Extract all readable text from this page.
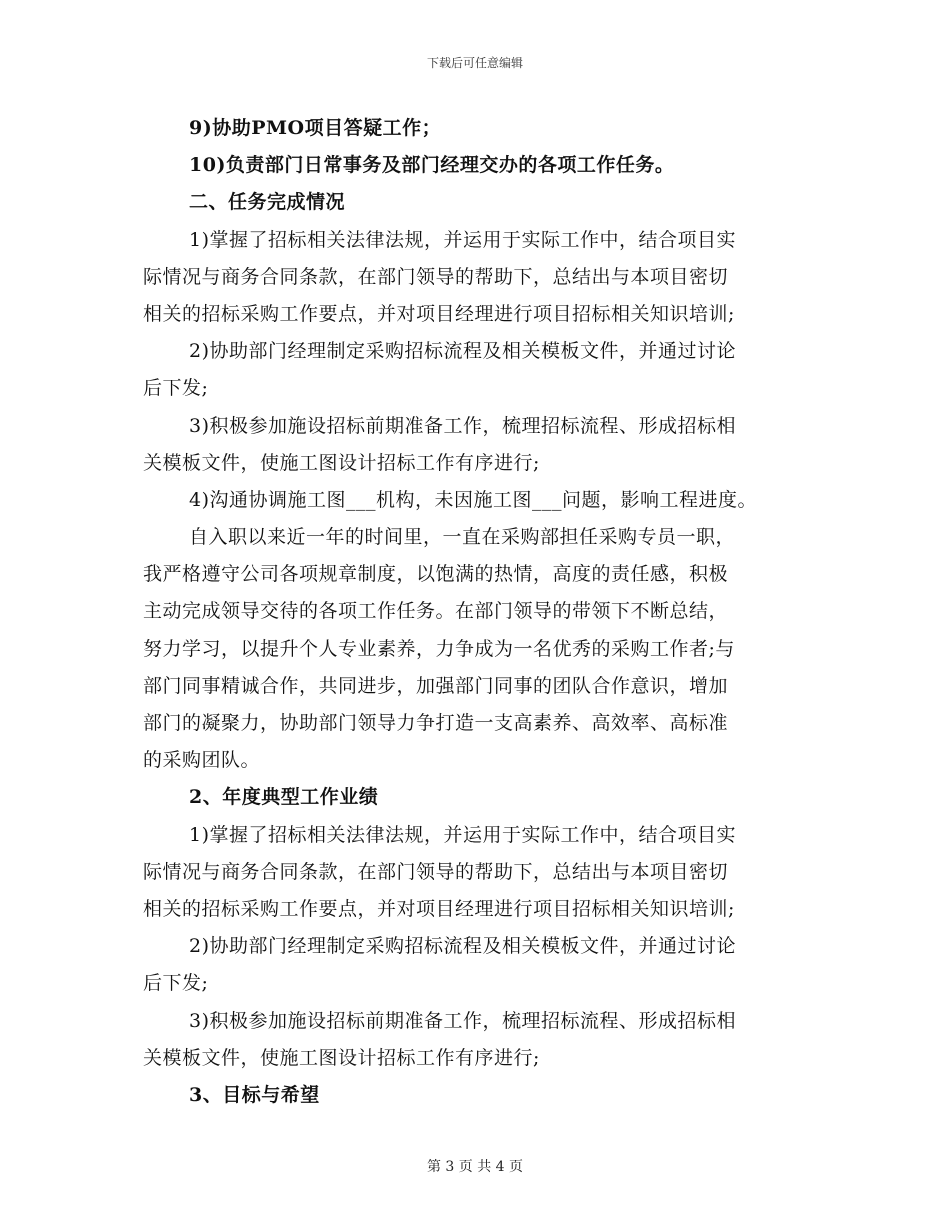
下载后可任意编辑
9)协助PMO项目答疑工作；
10)负责部门日常事务及部门经理交办的各项工作任务。
二、任务完成情况
1)掌握了招标相关法律法规，并运用于实际工作中，结合项目实
际情况与商务合同条款，在部门领导的帮助下，总结出与本项目密切
相关的招标采购工作要点，并对项目经理进行项目招标相关知识培训;
2)协助部门经理制定采购招标流程及相关模板文件，并通过讨论
后下发;
3)积极参加施设招标前期准备工作，梳理招标流程、形成招标相
关模板文件，使施工图设计招标工作有序进行;
4)沟通协调施工图___机构，未因施工图___问题，影响工程进度。
自入职以来近一年的时间里，一直在采购部担任采购专员一职，
我严格遵守公司各项规章制度，以饱满的热情，高度的责任感，积极
主动完成领导交待的各项工作任务。在部门领导的带领下不断总结，
努力学习，以提升个人专业素养，力争成为一名优秀的采购工作者;与
部门同事精诚合作，共同进步，加强部门同事的团队合作意识，增加
部门的凝聚力，协助部门领导力争打造一支高素养、高效率、高标准
的采购团队。
2、年度典型工作业绩
1)掌握了招标相关法律法规，并运用于实际工作中，结合项目实
际情况与商务合同条款，在部门领导的帮助下，总结出与本项目密切
相关的招标采购工作要点，并对项目经理进行项目招标相关知识培训;
2)协助部门经理制定采购招标流程及相关模板文件，并通过讨论
后下发;
3)积极参加施设招标前期准备工作，梳理招标流程、形成招标相
关模板文件，使施工图设计招标工作有序进行;
3、目标与希望
第 3 页 共 4 页
